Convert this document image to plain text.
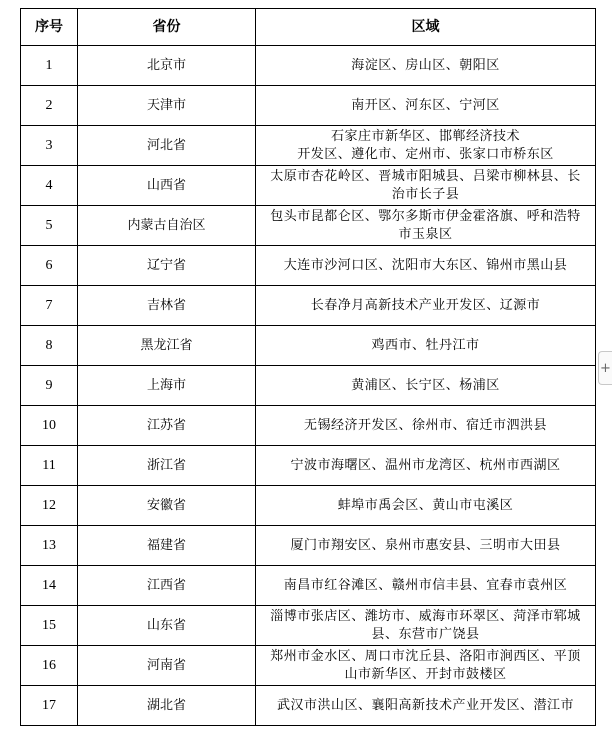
序号	省份	区域
1	北京市	海淀区、房山区、朝阳区

2	天津市	南开区、河东区、宁河区

3	河北省	石家庄市新华区、邯郸经济技术
开发区、遵化市、定州市、张家口市桥东区

4	山西省	太原市杏花岭区、晋城市阳城县、吕梁市柳林县、长
治市长子县

5	内蒙古自治区	包头市昆都仑区、鄂尔多斯市伊金霍洛旗、呼和浩特
市玉泉区

6	辽宁省	大连市沙河口区、沈阳市大东区、锦州市黑山县

7	吉林省	长春净月高新技术产业开发区、辽源市

8	黑龙江省	鸡西市、牡丹江市

9	上海市	黄浦区、长宁区、杨浦区

10	江苏省	无锡经济开发区、徐州市、宿迁市泗洪县

11	浙江省	宁波市海曙区、温州市龙湾区、杭州市西湖区

12	安徽省	蚌埠市禹会区、黄山市屯溪区

13	福建省	厦门市翔安区、泉州市惠安县、三明市大田县

14	江西省	南昌市红谷滩区、赣州市信丰县、宜春市袁州区

15	山东省	淄博市张店区、潍坊市、威海市环翠区、菏泽市郓城
县、东营市广饶县

16	河南省	郑州市金水区、周口市沈丘县、洛阳市涧西区、平顶
山市新华区、开封市鼓楼区

17	湖北省	武汉市洪山区、襄阳高新技术产业开发区、潜江市
+
